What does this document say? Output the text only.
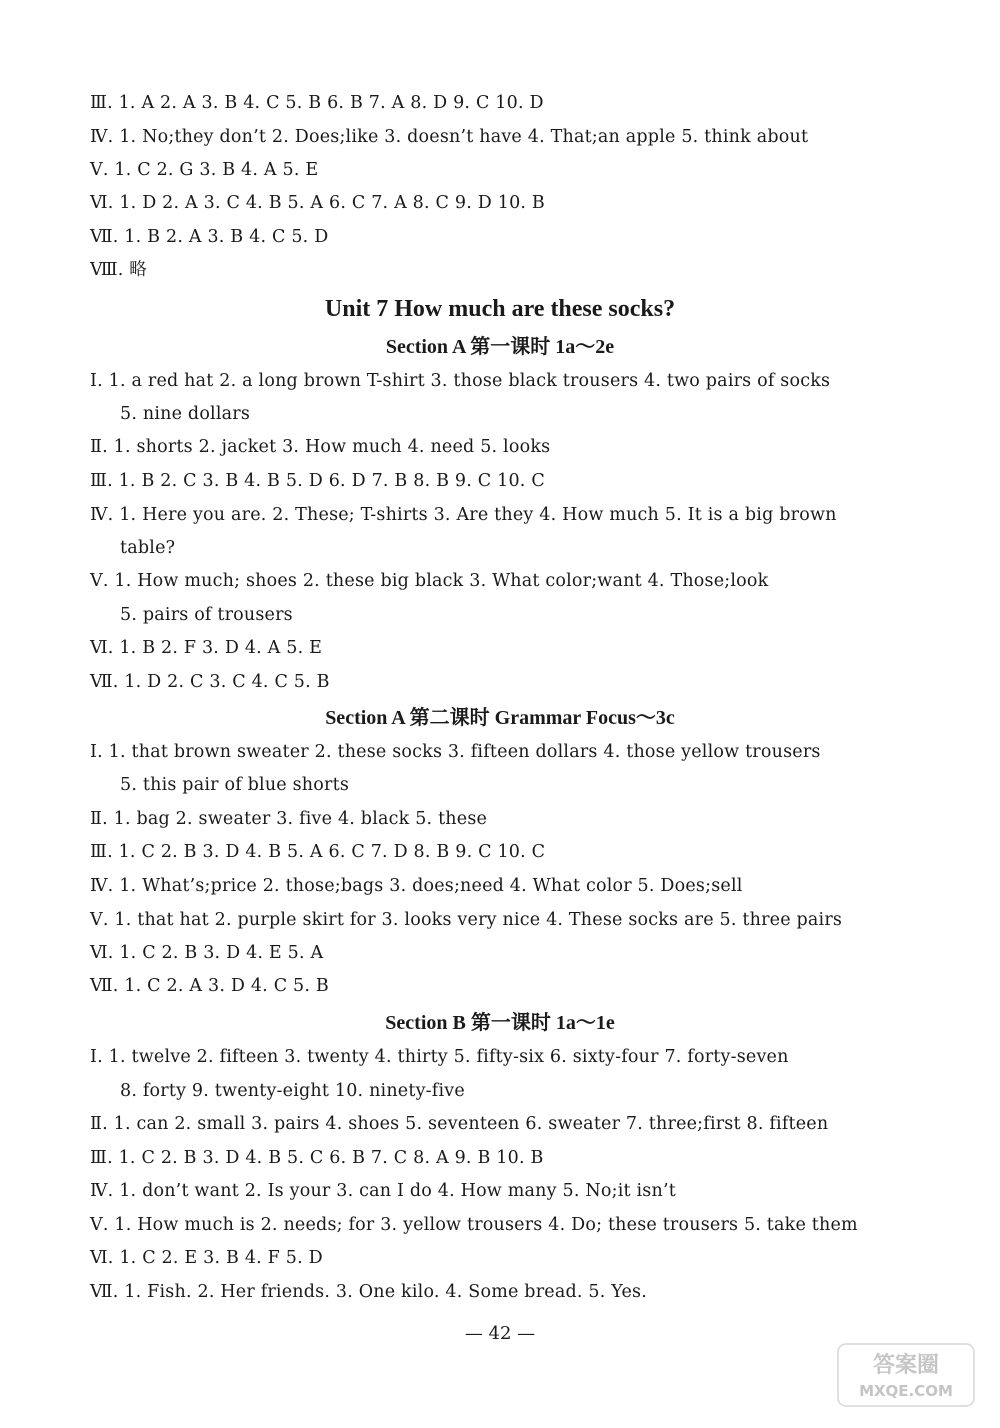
Ⅲ. 1. A 2. A 3. B 4. C 5. B 6. B 7. A 8. D 9. C 10. D
Ⅳ. 1. No;they don’t 2. Does;like 3. doesn’t have 4. That;an apple 5. think about
Ⅴ. 1. C 2. G 3. B 4. A 5. E
Ⅵ. 1. D 2. A 3. C 4. B 5. A 6. C 7. A 8. C 9. D 10. B
Ⅶ. 1. B 2. A 3. B 4. C 5. D
Ⅷ. 略
Unit 7 How much are these socks?
Section A 第一课时 1a～2e
Ⅰ. 1. a red hat 2. a long brown T-shirt 3. those black trousers 4. two pairs of socks
5. nine dollars
Ⅱ. 1. shorts 2. jacket 3. How much 4. need 5. looks
Ⅲ. 1. B 2. C 3. B 4. B 5. D 6. D 7. B 8. B 9. C 10. C
Ⅳ. 1. Here you are. 2. These; T-shirts 3. Are they 4. How much 5. It is a big brown
table?
Ⅴ. 1. How much; shoes 2. these big black 3. What color;want 4. Those;look
5. pairs of trousers
Ⅵ. 1. B 2. F 3. D 4. A 5. E
Ⅶ. 1. D 2. C 3. C 4. C 5. B
Section A 第二课时 Grammar Focus～3c
Ⅰ. 1. that brown sweater 2. these socks 3. fifteen dollars 4. those yellow trousers
5. this pair of blue shorts
Ⅱ. 1. bag 2. sweater 3. five 4. black 5. these
Ⅲ. 1. C 2. B 3. D 4. B 5. A 6. C 7. D 8. B 9. C 10. C
Ⅳ. 1. What’s;price 2. those;bags 3. does;need 4. What color 5. Does;sell
Ⅴ. 1. that hat 2. purple skirt for 3. looks very nice 4. These socks are 5. three pairs
Ⅵ. 1. C 2. B 3. D 4. E 5. A
Ⅶ. 1. C 2. A 3. D 4. C 5. B
Section B 第一课时 1a～1e
Ⅰ. 1. twelve 2. fifteen 3. twenty 4. thirty 5. fifty-six 6. sixty-four 7. forty-seven
8. forty 9. twenty-eight 10. ninety-five
Ⅱ. 1. can 2. small 3. pairs 4. shoes 5. seventeen 6. sweater 7. three;first 8. fifteen
Ⅲ. 1. C 2. B 3. D 4. B 5. C 6. B 7. C 8. A 9. B 10. B
Ⅳ. 1. don’t want 2. Is your 3. can I do 4. How many 5. No;it isn’t
Ⅴ. 1. How much is 2. needs; for 3. yellow trousers 4. Do; these trousers 5. take them
Ⅵ. 1. C 2. E 3. B 4. F 5. D
Ⅶ. 1. Fish. 2. Her friends. 3. One kilo. 4. Some bread. 5. Yes.
— 42 —
答案圈
MXQE.COM
